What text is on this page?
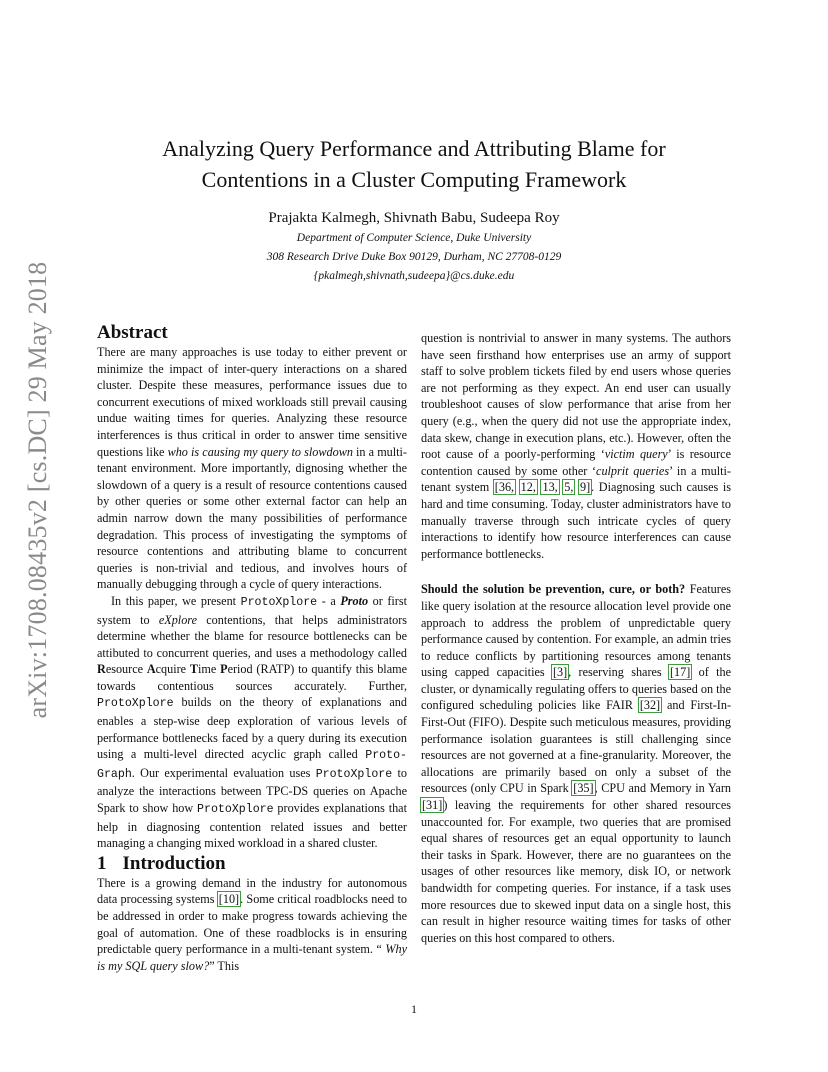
arXiv:1708.08435v2 [cs.DC] 29 May 2018
Analyzing Query Performance and Attributing Blame for
Contentions in a Cluster Computing Framework
Prajakta Kalmegh, Shivnath Babu, Sudeepa Roy
Department of Computer Science, Duke University
308 Research Drive Duke Box 90129, Durham, NC 27708-0129
{pkalmegh,shivnath,sudeepa}@cs.duke.edu
Abstract

There are many approaches is use today to either prevent or minimize the impact of inter-query interactions on a shared cluster. Despite these measures, performance issues due to concurrent executions of mixed workloads still prevail causing undue waiting times for queries. Analyzing these resource interferences is thus critical in order to answer time sensitive questions like who is causing my query to slowdown in a multi-tenant environment. More importantly, dignosing whether the slowdown of a query is a result of resource contentions caused by other queries or some other external factor can help an admin narrow down the many possibilities of performance degradation. This process of investigating the symptoms of resource contentions and attributing blame to concurrent queries is non-trivial and tedious, and involves hours of manually debugging through a cycle of query interactions.

In this paper, we present ProtoXplore - a Proto or first system to eXplore contentions, that helps administrators determine whether the blame for resource bottlenecks can be attibuted to concurrent queries, and uses a methodology called Resource Acquire Time Period (RATP) to quantify this blame towards contentious sources accurately. Further, ProtoXplore builds on the theory of explanations and enables a step-wise deep exploration of various levels of performance bottlenecks faced by a query during its execution using a multi-level directed acyclic graph called Proto-Graph. Our experimental evaluation uses ProtoXplore to analyze the interactions between TPC-DS queries on Apache Spark to show how ProtoXplore provides explanations that help in diagnosing contention related issues and better managing a changing mixed workload in a shared cluster.

1 Introduction

There is a growing demand in the industry for autonomous data processing systems [10]. Some critical roadblocks need to be addressed in order to make progress towards achieving the goal of automation. One of these roadblocks is in ensuring predictable query performance in a multi-tenant system. “ Why is my SQL query slow?” This

question is nontrivial to answer in many systems. The authors have seen firsthand how enterprises use an army of support staff to solve problem tickets filed by end users whose queries are not performing as they expect. An end user can usually troubleshoot causes of slow performance that arise from her query (e.g., when the query did not use the appropriate index, data skew, change in execution plans, etc.). However, often the root cause of a poorly-performing ‘victim query’ is resource contention caused by some other ‘culprit queries’ in a multi-tenant system [36, 12, 13, 5, 9]. Diagnosing such causes is hard and time consuming. Today, cluster administrators have to manually traverse through such intricate cycles of query interactions to identify how resource interferences can cause performance bottlenecks.

Should the solution be prevention, cure, or both? Features like query isolation at the resource allocation level provide one approach to address the problem of unpredictable query performance caused by contention. For example, an admin tries to reduce conflicts by partitioning resources among tenants using capped capacities [3], reserving shares [17] of the cluster, or dynamically regulating offers to queries based on the configured scheduling policies like FAIR [32] and First-In-First-Out (FIFO). Despite such meticulous measures, providing performance isolation guarantees is still challenging since resources are not governed at a fine-granularity. Moreover, the allocations are primarily based on only a subset of the resources (only CPU in Spark [35], CPU and Memory in Yarn [31]) leaving the requirements for other shared resources unaccounted for. For example, two queries that are promised equal shares of resources get an equal opportunity to launch their tasks in Spark. However, there are no guarantees on the usages of other resources like memory, disk IO, or network bandwidth for competing queries. For instance, if a task uses more resources due to skewed input data on a single host, this can result in higher resource waiting times for tasks of other queries on this host compared to others.

1
